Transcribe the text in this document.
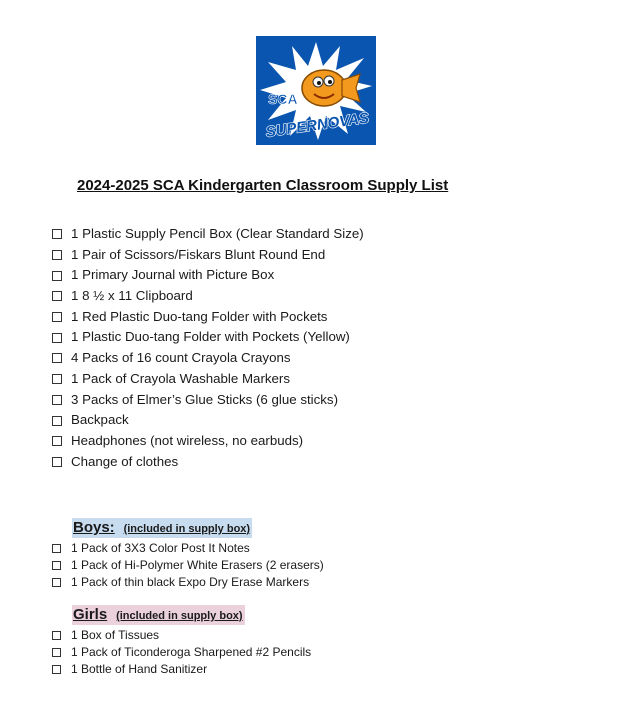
SCA
SUPERNOVAS
2024-2025 SCA Kindergarten Classroom Supply List
1 Plastic Supply Pencil Box (Clear Standard Size)
1 Pair of Scissors/Fiskars Blunt Round End
1 Primary Journal with Picture Box
1 8 ½ x 11 Clipboard
1 Red Plastic Duo-tang Folder with Pockets
1 Plastic Duo-tang Folder with Pockets (Yellow)
4 Packs of 16 count Crayola Crayons
1 Pack of Crayola Washable Markers
3 Packs of Elmer’s Glue Sticks (6 glue sticks)
Backpack
Headphones (not wireless, no earbuds)
Change of clothes
Boys: (included in supply box)
1 Pack of 3X3 Color Post It Notes
1 Pack of Hi-Polymer White Erasers (2 erasers)
1 Pack of thin black Expo Dry Erase Markers
Girls (included in supply box)
1 Box of Tissues
1 Pack of Ticonderoga Sharpened #2 Pencils
1 Bottle of Hand Sanitizer
